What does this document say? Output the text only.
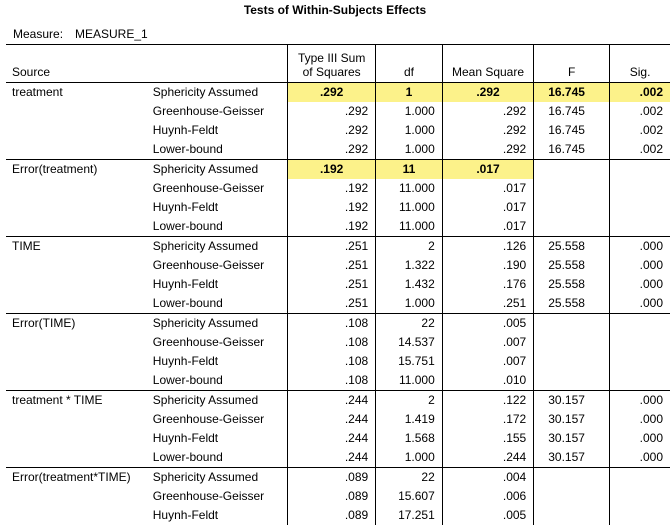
Tests of Within-Subjects Effects
Measure: MEASURE_1
Source		Type III Sum
of Squares	df	Mean Square	F	Sig.
treatment	Sphericity Assumed	.292	1	.292	16.745	.002
	Greenhouse-Geisser	.292	1.000	.292	16.745	.002
	Huynh-Feldt	.292	1.000	.292	16.745	.002
	Lower-bound	.292	1.000	.292	16.745	.002
Error(treatment)	Sphericity Assumed	.192	11	.017		
	Greenhouse-Geisser	.192	11.000	.017		
	Huynh-Feldt	.192	11.000	.017		
	Lower-bound	.192	11.000	.017		
TIME	Sphericity Assumed	.251	2	.126	25.558	.000
	Greenhouse-Geisser	.251	1.322	.190	25.558	.000
	Huynh-Feldt	.251	1.432	.176	25.558	.000
	Lower-bound	.251	1.000	.251	25.558	.000
Error(TIME)	Sphericity Assumed	.108	22	.005		
	Greenhouse-Geisser	.108	14.537	.007		
	Huynh-Feldt	.108	15.751	.007		
	Lower-bound	.108	11.000	.010		
treatment * TIME	Sphericity Assumed	.244	2	.122	30.157	.000
	Greenhouse-Geisser	.244	1.419	.172	30.157	.000
	Huynh-Feldt	.244	1.568	.155	30.157	.000
	Lower-bound	.244	1.000	.244	30.157	.000
Error(treatment*TIME)	Sphericity Assumed	.089	22	.004		
	Greenhouse-Geisser	.089	15.607	.006		
	Huynh-Feldt	.089	17.251	.005		
